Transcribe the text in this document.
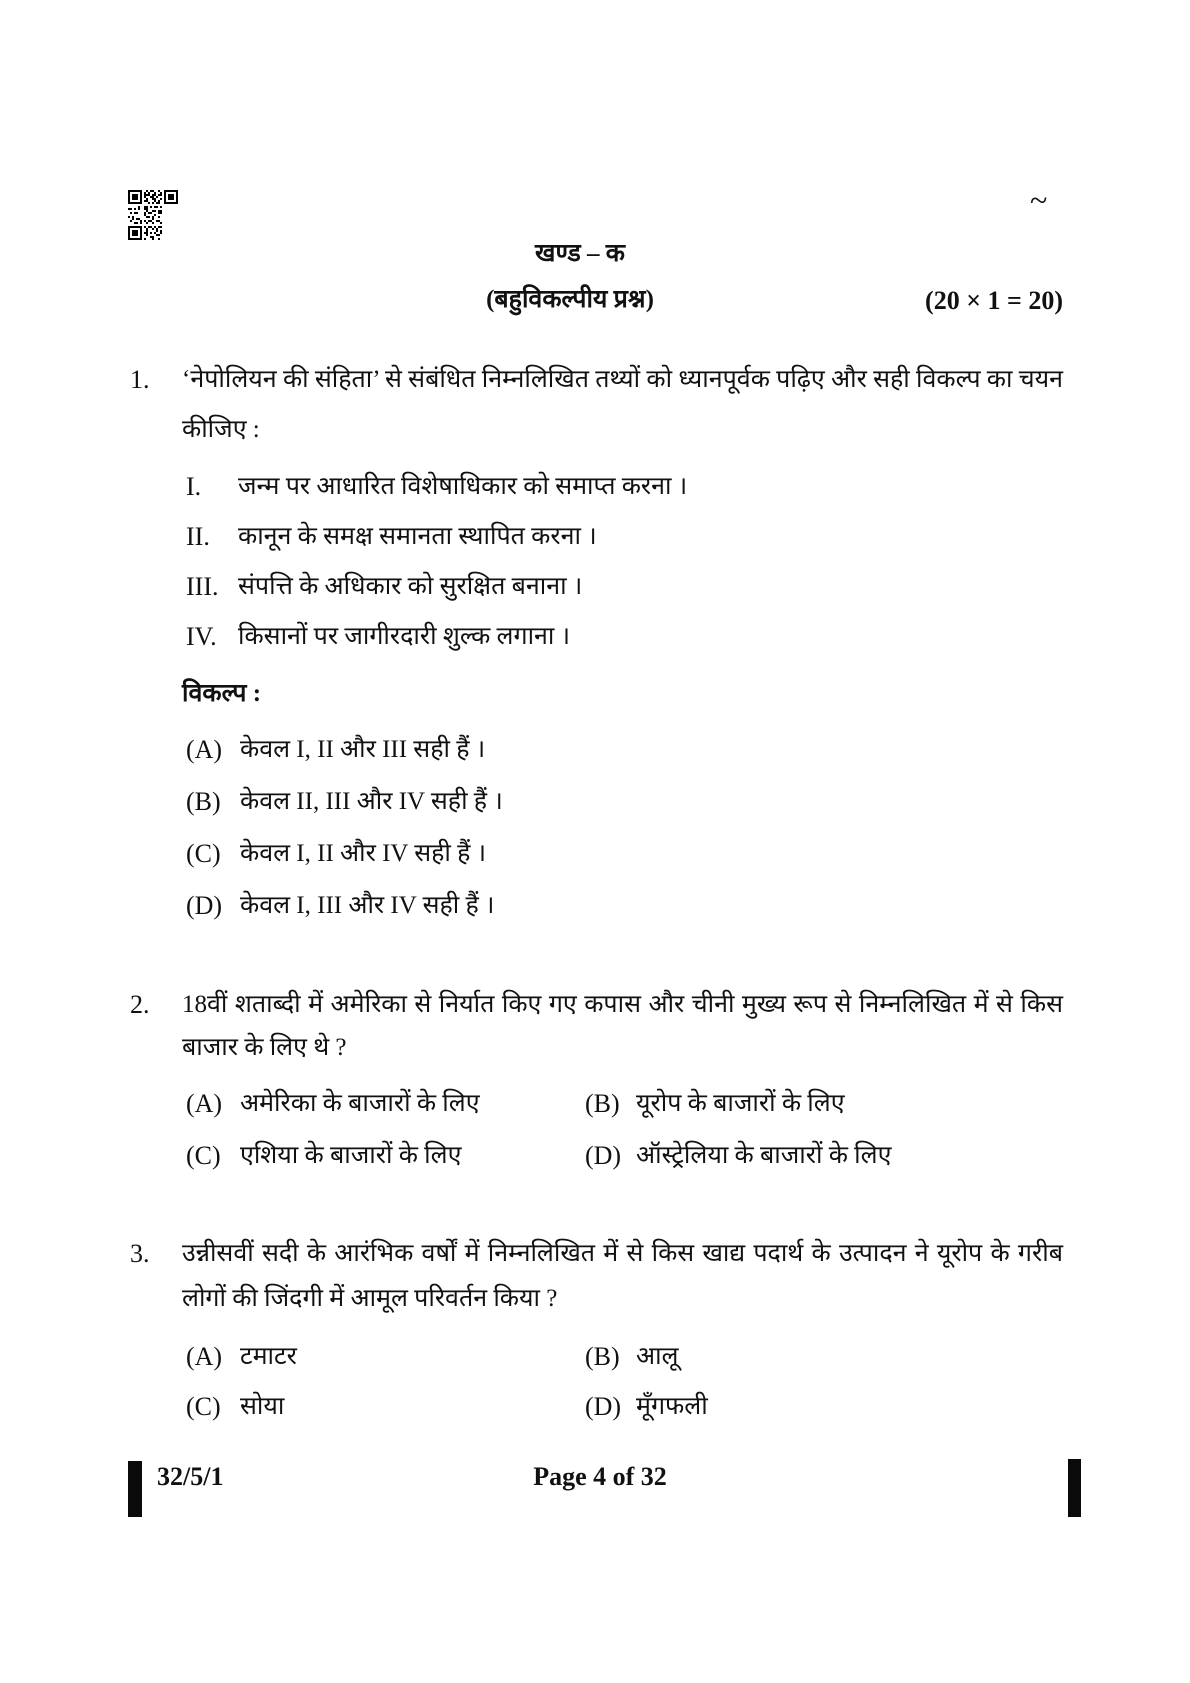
~
खण्ड – क
(बहुविकल्पीय प्रश्न)	(20 × 1 = 20)
1. ‘नेपोलियन की संहिता’ से संबंधित निम्नलिखित तथ्यों को ध्यानपूर्वक पढ़िए और सही विकल्प का चयन
कीजिए :
I. जन्म पर आधारित विशेषाधिकार को समाप्त करना ।
II. कानून के समक्ष समानता स्थापित करना ।
III. संपत्ति के अधिकार को सुरक्षित बनाना ।
IV. किसानों पर जागीरदारी शुल्क लगाना ।
विकल्प :
(A) केवल I, II और III सही हैं ।
(B) केवल II, III और IV सही हैं ।
(C) केवल I, II और IV सही हैं ।
(D) केवल I, III और IV सही हैं ।
2. 18वीं शताब्दी में अमेरिका से निर्यात किए गए कपास और चीनी मुख्य रूप से निम्नलिखित में से किस
बाजार के लिए थे ?
(A) अमेरिका के बाजारों के लिए	(B) यूरोप के बाजारों के लिए
(C) एशिया के बाजारों के लिए	(D) ऑस्ट्रेलिया के बाजारों के लिए
3. उन्नीसवीं सदी के आरंभिक वर्षों में निम्नलिखित में से किस खाद्य पदार्थ के उत्पादन ने यूरोप के गरीब
लोगों की जिंदगी में आमूल परिवर्तन किया ?
(A) टमाटर	(B) आलू
(C) सोया	(D) मूँगफली
32/5/1	Page 4 of 32
